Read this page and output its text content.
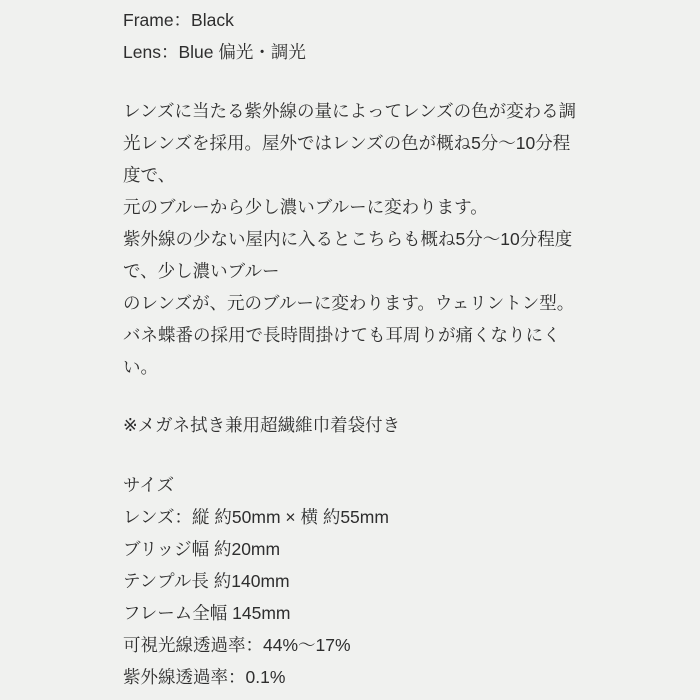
Frame：Black
Lens：Blue 偏光・調光
レンズに当たる紫外線の量によってレンズの色が変わる調
光レンズを採用。屋外ではレンズの色が概ね5分～10分程
度で、
元のブルーから少し濃いブルーに変わります。
紫外線の少ない屋内に入るとこちらも概ね5分～10分程度
で、少し濃いブルー
のレンズが、元のブルーに変わります。ウェリントン型。
バネ蝶番の採用で長時間掛けても耳周りが痛くなりにく
い。
※メガネ拭き兼用超繊維巾着袋付き
サイズ
レンズ：縦 約50mm × 横 約55mm
ブリッジ幅 約20mm
テンプル長 約140mm
フレーム全幅 145mm
可視光線透過率：44%～17%
紫外線透過率：0.1%
